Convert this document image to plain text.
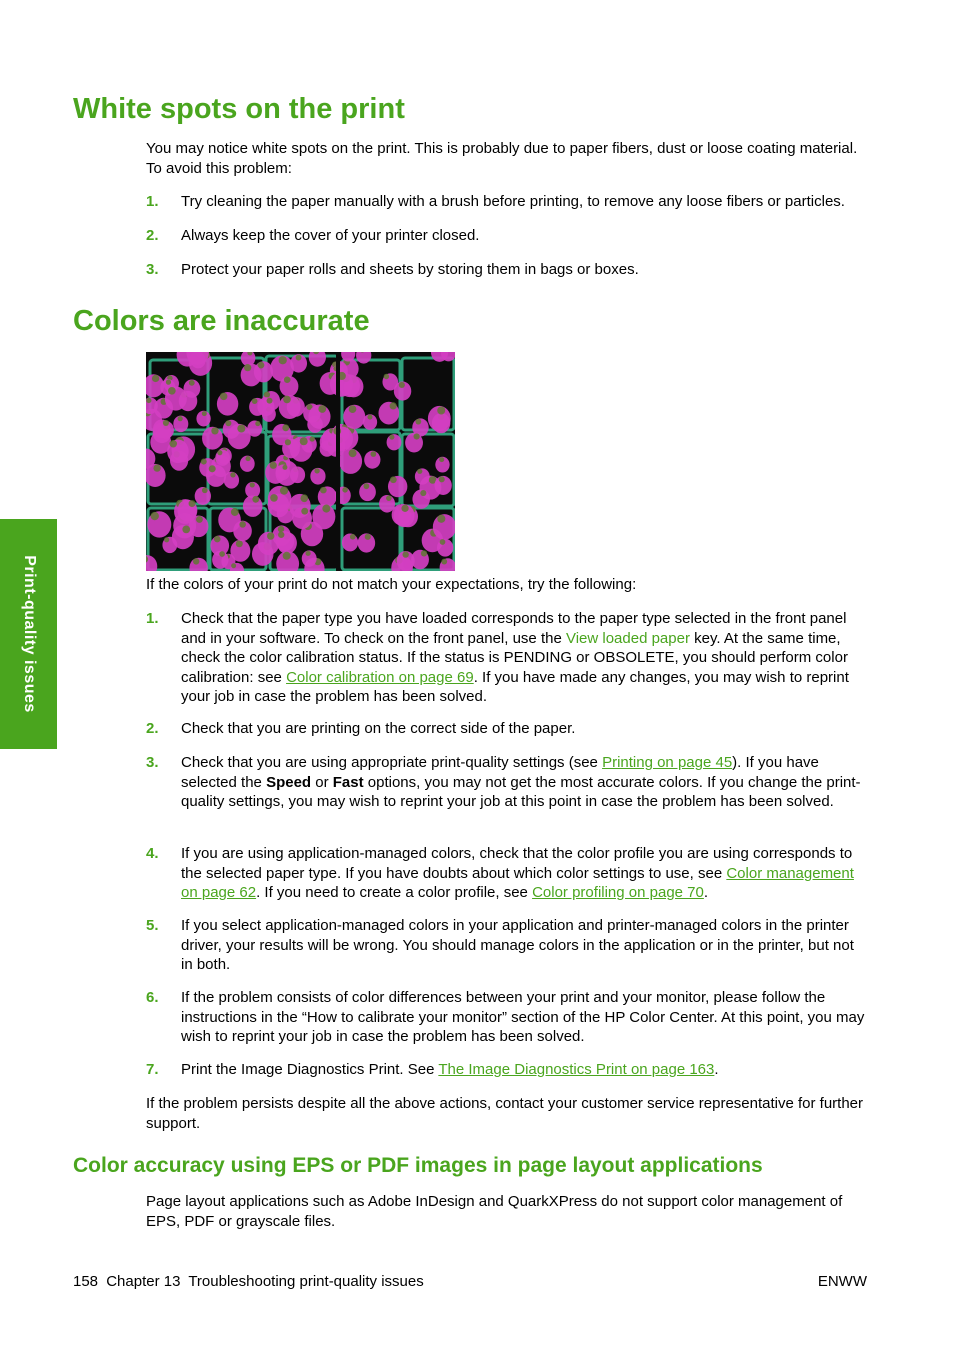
Print-quality issues
White spots on the print

You may notice white spots on the print. This is probably due to paper fibers, dust or loose coating material. To avoid this problem:

1. Try cleaning the paper manually with a brush before printing, to remove any loose fibers or particles.
2. Always keep the cover of your printer closed.
3. Protect your paper rolls and sheets by storing them in bags or boxes.
Colors are inaccurate

If the colors of your print do not match your expectations, try the following:

1. Check that the paper type you have loaded corresponds to the paper type selected in the front panel and in your software. To check on the front panel, use the View loaded paper key. At the same time, check the color calibration status. If the status is PENDING or OBSOLETE, you should perform color calibration: see Color calibration on page 69. If you have made any changes, you may wish to reprint your job in case the problem has been solved.
2. Check that you are printing on the correct side of the paper.
3. Check that you are using appropriate print-quality settings (see Printing on page 45). If you have selected the Speed or Fast options, you may not get the most accurate colors. If you change the print-quality settings, you may wish to reprint your job at this point in case the problem has been solved.
4. If you are using application-managed colors, check that the color profile you are using corresponds to the selected paper type. If you have doubts about which color settings to use, see Color management on page 62. If you need to create a color profile, see Color profiling on page 70.
5. If you select application-managed colors in your application and printer-managed colors in the printer driver, your results will be wrong. You should manage colors in the application or in the printer, but not in both.
6. If the problem consists of color differences between your print and your monitor, please follow the instructions in the “How to calibrate your monitor” section of the HP Color Center. At this point, you may wish to reprint your job in case the problem has been solved.
7. Print the Image Diagnostics Print. See The Image Diagnostics Print on page 163.

If the problem persists despite all the above actions, contact your customer service representative for further support.

Color accuracy using EPS or PDF images in page layout applications

Page layout applications such as Adobe InDesign and QuarkXPress do not support color management of EPS, PDF or grayscale files.

158 Chapter 13 Troubleshooting print-quality issues	ENWW
